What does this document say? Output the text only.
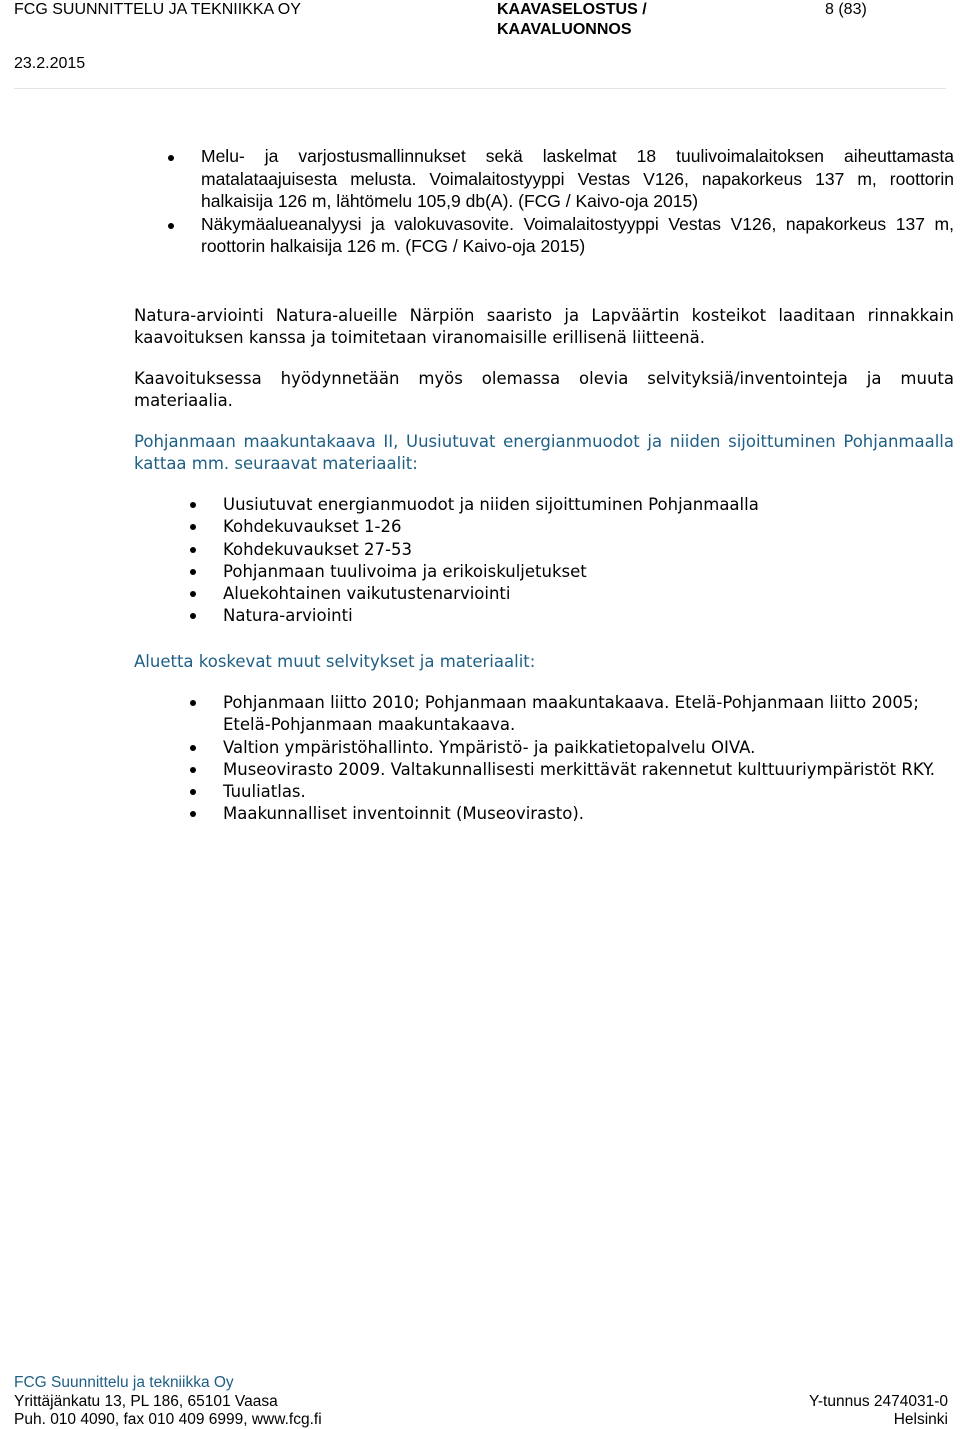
FCG SUUNNITTELU JA TEKNIIKKA OY	KAAVASELOSTUS /
KAAVALUONNOS
8 (83)
23.2.2015
Melu- ja varjostusmallinnukset sekä laskelmat 18 tuulivoimalaitoksen aiheuttamasta matalataajuisesta melusta. Voimalaitostyyppi Vestas V126, napakorkeus 137 m, roottorin halkaisija 126 m, lähtömelu 105,9 db(A). (FCG / Kaivo-oja 2015)
Näkymäalueanalyysi ja valokuvasovite. Voimalaitostyyppi Vestas V126, napakorkeus 137 m, roottorin halkaisija 126 m. (FCG / Kaivo-oja 2015)
Natura-arviointi Natura-alueille Närpiön saaristo ja Lapväärtin kosteikot laaditaan rinnakkain kaavoituksen kanssa ja toimitetaan viranomaisille erillisenä liitteenä.
Kaavoituksessa hyödynnetään myös olemassa olevia selvityksiä/inventointeja ja muuta materiaalia.
Pohjanmaan maakuntakaava II, Uusiutuvat energianmuodot ja niiden sijoittuminen Pohjanmaalla kattaa mm. seuraavat materiaalit:
Uusiutuvat energianmuodot ja niiden sijoittuminen Pohjanmaalla
Kohdekuvaukset 1-26
Kohdekuvaukset 27-53
Pohjanmaan tuulivoima ja erikoiskuljetukset
Aluekohtainen vaikutustenarviointi
Natura-arviointi
Aluetta koskevat muut selvitykset ja materiaalit:
Pohjanmaan liitto 2010; Pohjanmaan maakuntakaava. Etelä-Pohjanmaan liitto 2005; Etelä-Pohjanmaan maakuntakaava.
Valtion ympäristöhallinto. Ympäristö- ja paikkatietopalvelu OIVA.
Museovirasto 2009. Valtakunnallisesti merkittävät rakennetut kulttuuriympäristöt RKY.
Tuuliatlas.
Maakunnalliset inventoinnit (Museovirasto).
FCG Suunnittelu ja tekniikka Oy
Yrittäjänkatu 13, PL 186, 65101 Vaasa
Puh. 010 4090, fax 010 409 6999, www.fcg.fi
Y-tunnus 2474031-0
Helsinki
